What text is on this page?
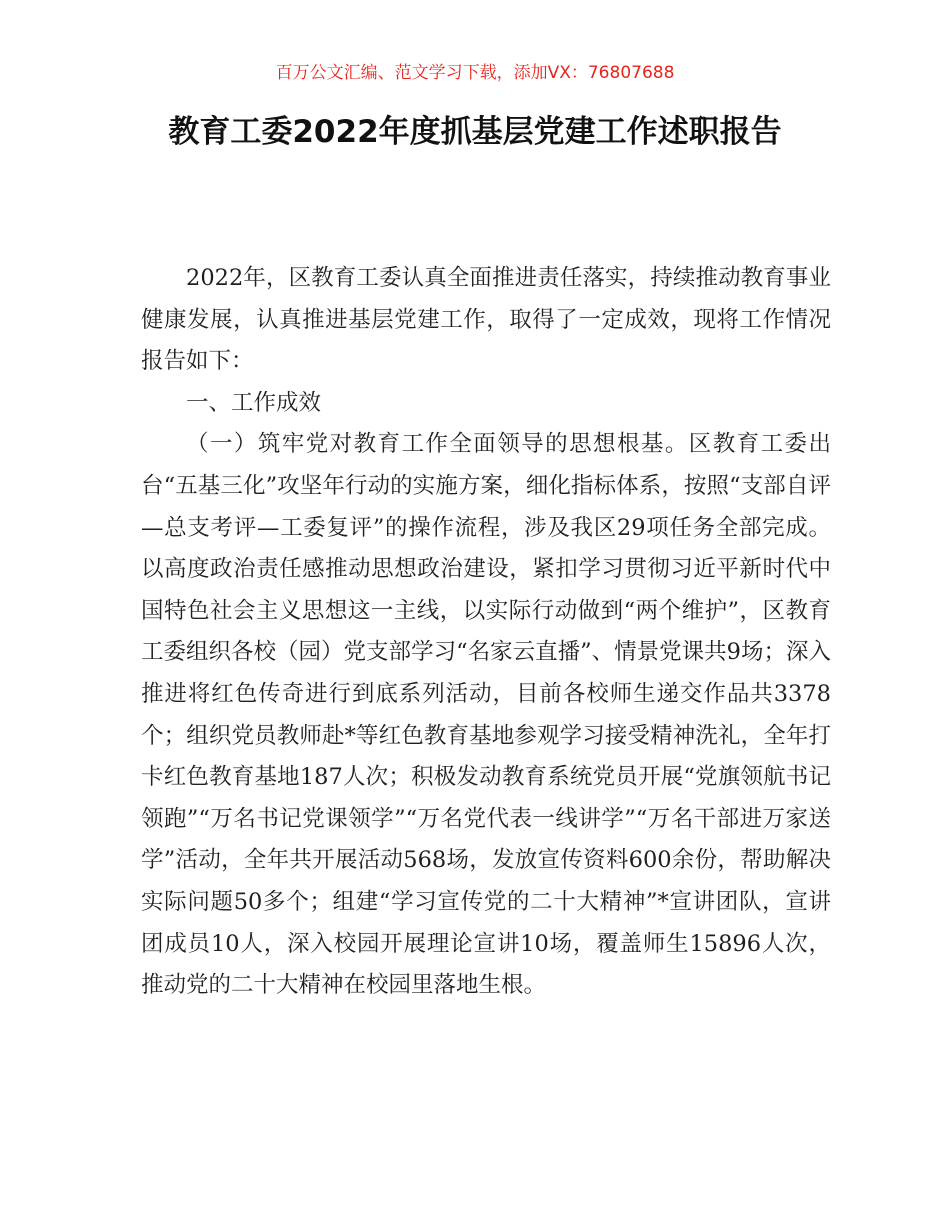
百万公文汇编、范文学习下载，添加VX：76807688
教育工委2022年度抓基层党建工作述职报告

2022年，区教育工委认真全面推进责任落实，持续推动教育事业健康发展，认真推进基层党建工作，取得了一定成效，现将工作情况报告如下：

一、工作成效

（一）筑牢党对教育工作全面领导的思想根基。区教育工委出台“五基三化”攻坚年行动的实施方案，细化指标体系，按照“支部自评—总支考评—工委复评”的操作流程，涉及我区29项任务全部完成。以高度政治责任感推动思想政治建设，紧扣学习贯彻习近平新时代中国特色社会主义思想这一主线，以实际行动做到“两个维护”，区教育工委组织各校（园）党支部学习“名家云直播”、情景党课共9场；深入推进将红色传奇进行到底系列活动，目前各校师生递交作品共3378个；组织党员教师赴*等红色教育基地参观学习接受精神洗礼，全年打卡红色教育基地187人次；积极发动教育系统党员开展“党旗领航书记领跑”“万名书记党课领学”“万名党代表一线讲学”“万名干部进万家送学”活动，全年共开展活动568场，发放宣传资料600余份，帮助解决实际问题50多个；组建“学习宣传党的二十大精神”*宣讲团队，宣讲团成员10人，深入校园开展理论宣讲10场，覆盖师生15896人次，推动党的二十大精神在校园里落地生根。
